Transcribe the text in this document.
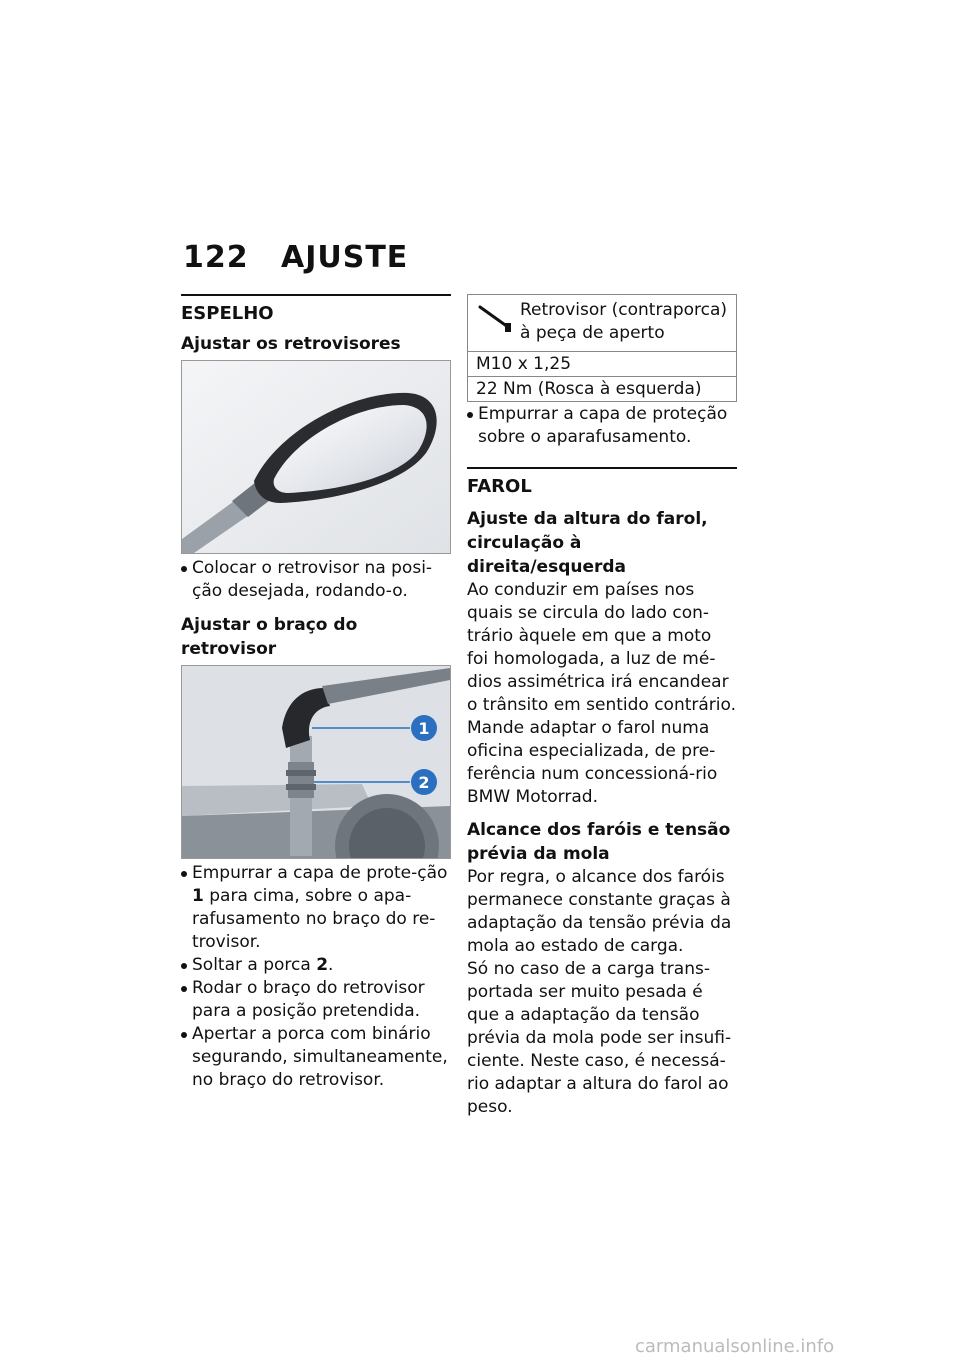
122 AJUSTE
ESPELHO
Ajustar os retrovisores
Colocar o retrovisor na posi-ção desejada, rodando-o.
Ajustar o braço do retrovisor
1
2
Empurrar a capa de prote-ção 1 para cima, sobre o apa-rafusamento no braço do re-trovisor.
Soltar a porca 2.
Rodar o braço do retrovisor para a posição pretendida.
Apertar a porca com binário segurando, simultaneamente, no braço do retrovisor.
Retrovisor (contraporca) à peça de aperto
M10 x 1,25
22 Nm (Rosca à esquerda)
Empurrar a capa de proteção sobre o aparafusamento.
FAROL
Ajuste da altura do farol, circulação à direita/esquerda

Ao conduzir em países nos quais se circula do lado con-trário àquele em que a moto foi homologada, a luz de mé-dios assimétrica irá encandear o trânsito em sentido contrário.

Mande adaptar o farol numa oficina especializada, de pre-ferência num concessioná-rio BMW Motorrad.

Alcance dos faróis e tensão prévia da mola

Por regra, o alcance dos faróis permanece constante graças à adaptação da tensão prévia da mola ao estado de carga.

Só no caso de a carga trans-portada ser muito pesada é que a adaptação da tensão prévia da mola pode ser insufi-ciente. Neste caso, é necessá-rio adaptar a altura do farol ao peso.

carmanualsonline.info
